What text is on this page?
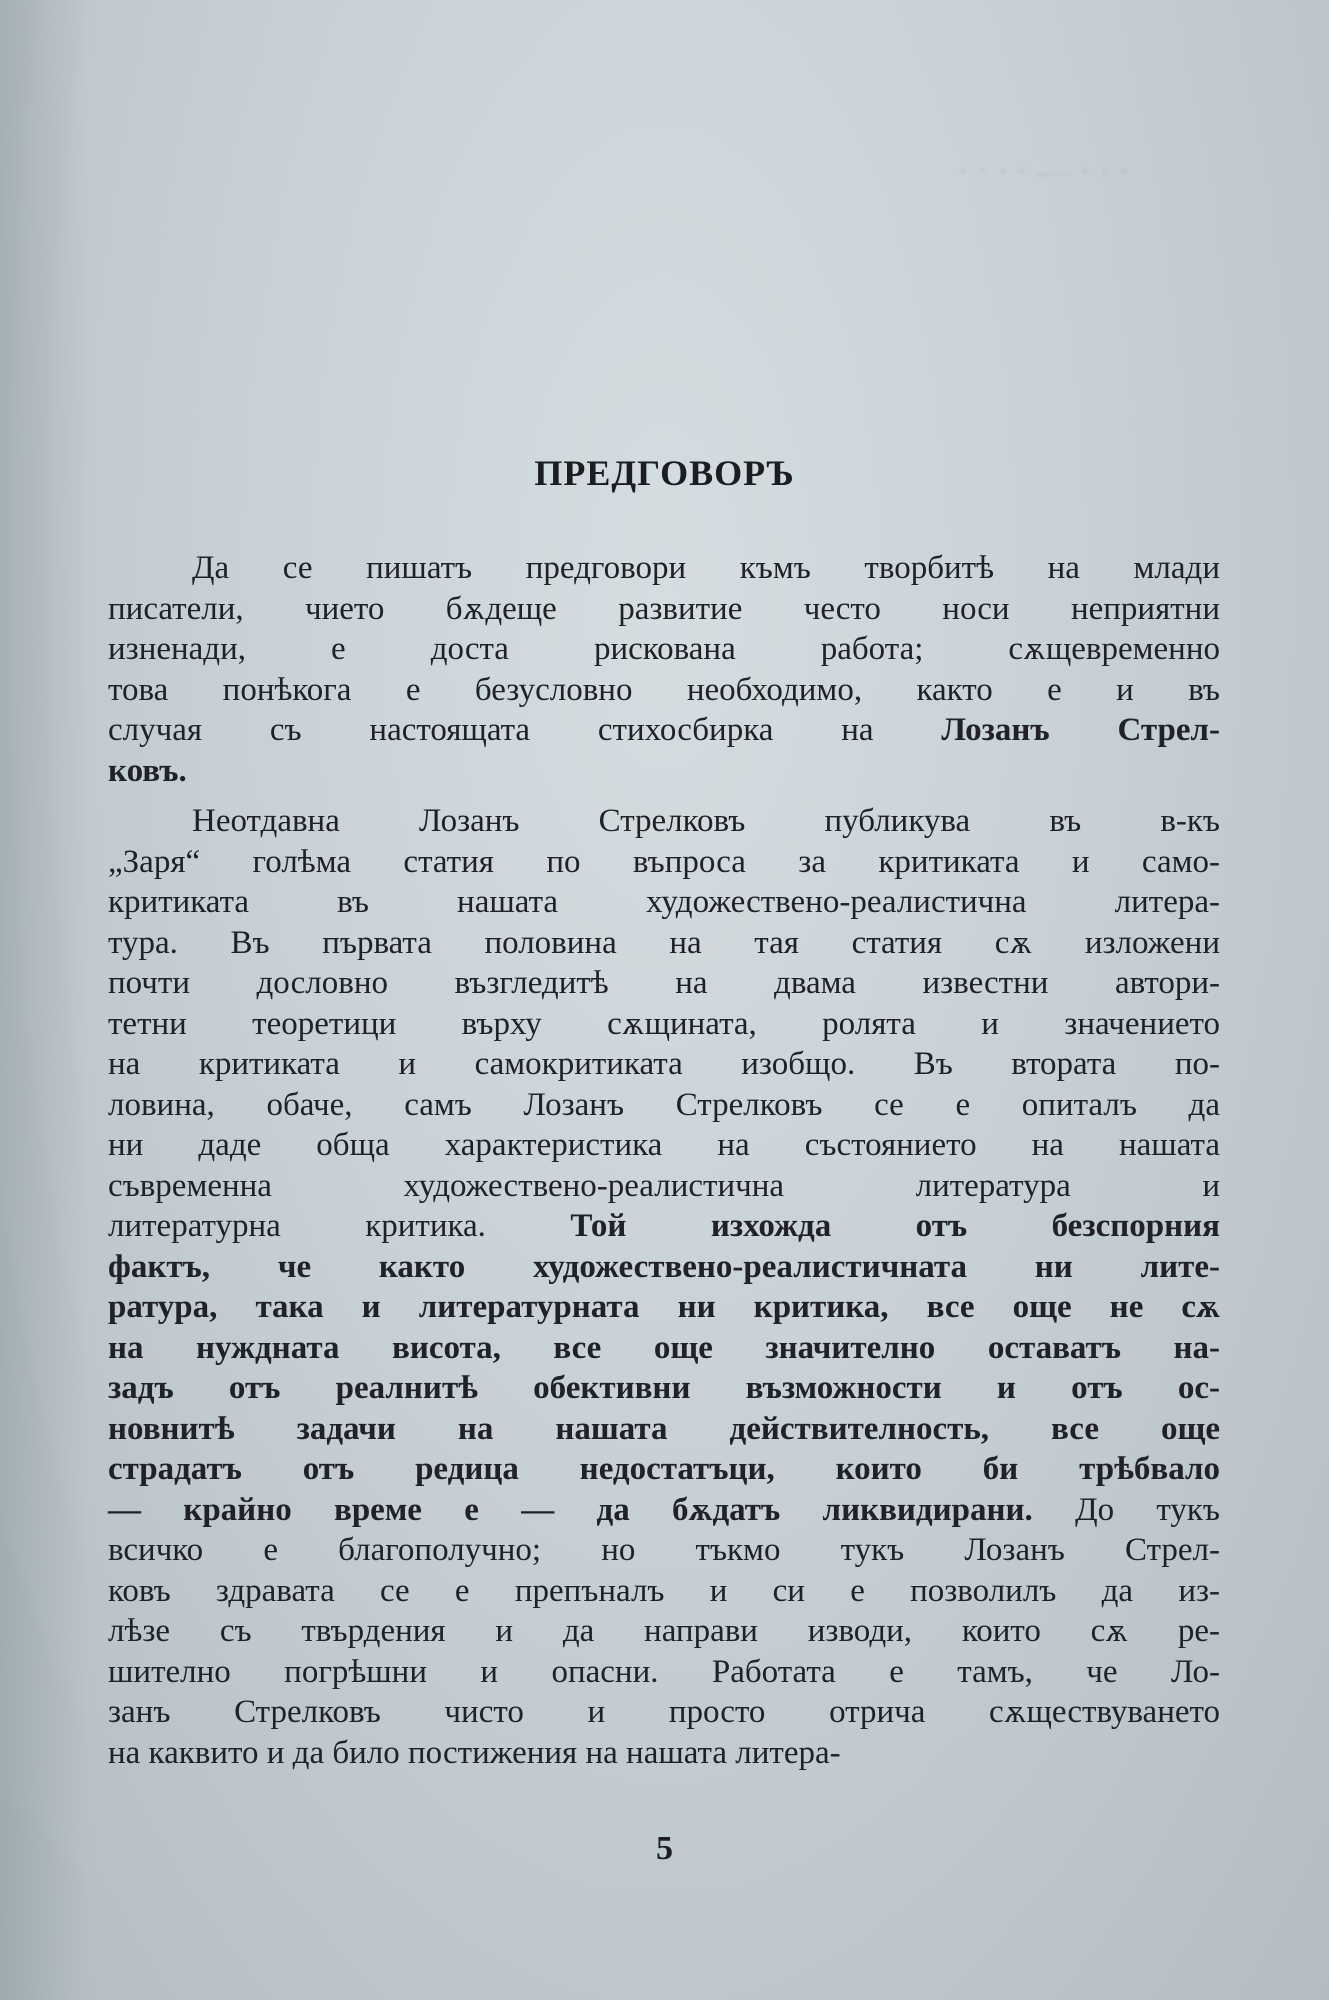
· · · — · · · ·
ПРЕДГОВОРЪ
Да се пишатъ предговори къмъ творбитѣ на млади
писатели, чието бѫдеще развитие често носи неприятни
изненади, е доста рискована работа; сѫщевременно
това понѣкога е безусловно необходимо, както е и въ
случая съ настоящата стихосбирка на Лозанъ Стрел-
ковъ.
Неотдавна Лозанъ Стрелковъ публикува въ в-къ
„Заря“ голѣма статия по въпроса за критиката и само-
критиката въ нашата художествено-реалистична литера-
тура. Въ първата половина на тая статия сѫ изложени
почти дословно възгледитѣ на двама известни автори-
тетни теоретици върху сѫщината, ролята и значението
на критиката и самокритиката изобщо. Въ втората по-
ловина, обаче, самъ Лозанъ Стрелковъ се е опиталъ да
ни даде обща характеристика на състоянието на нашата
съвременна художествено-реалистична литература и
литературна критика. Той изхожда отъ безспорния
фактъ, че както художествено-реалистичната ни лите-
ратура, така и литературната ни критика, все още не сѫ
на нуждната висота, все още значително оставатъ на-
задъ отъ реалнитѣ обективни възможности и отъ ос-
новнитѣ задачи на нашата действителность, все още
страдатъ отъ редица недостатъци, които би трѣбвало
— крайно време е — да бѫдатъ ликвидирани. До тукъ
всичко е благополучно; но тъкмо тукъ Лозанъ Стрел-
ковъ здравата се е препъналъ и си е позволилъ да из-
лѣзе съ твърдения и да направи изводи, които сѫ ре-
шително погрѣшни и опасни. Работата е тамъ, че Ло-
занъ Стрелковъ чисто и просто отрича сѫществуването
на каквито и да било постижения на нашата литера-
5
